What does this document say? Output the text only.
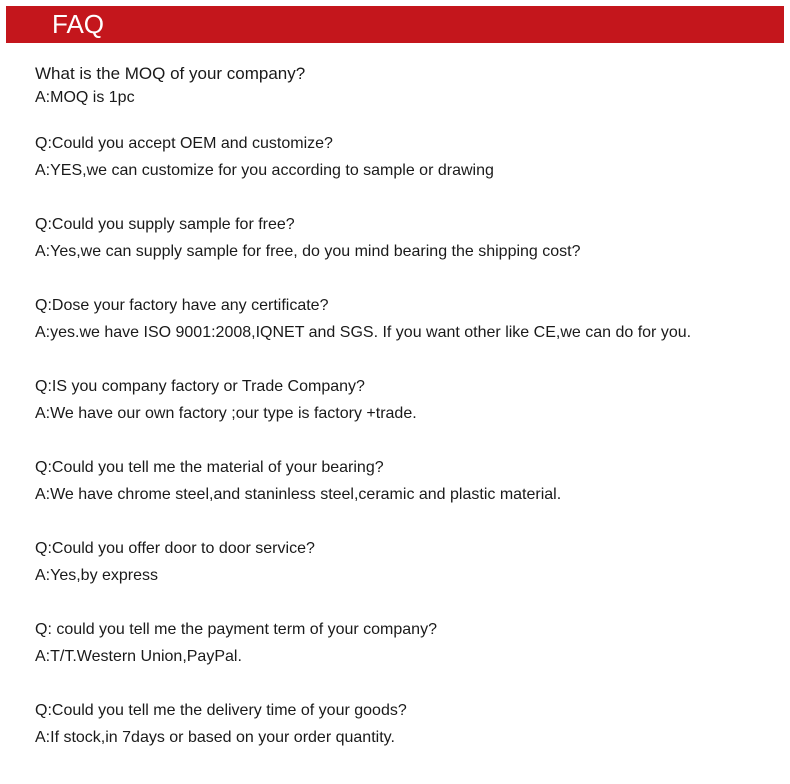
FAQ
What is the MOQ of your company?
A:MOQ is 1pc
Q:Could you accept OEM and customize?
A:YES,we can customize for you according to sample or drawing
Q:Could you supply sample for free?
A:Yes,we can supply sample for free, do you mind bearing the shipping cost?
Q:Dose your factory have any certificate?
A:yes.we have ISO 9001:2008,IQNET and SGS. If you want other like CE,we can do for you.
Q:IS you company factory or Trade Company?
A:We have our own factory ;our type is factory +trade.
Q:Could you tell me the material of your bearing?
A:We have chrome steel,and staninless steel,ceramic and plastic material.
Q:Could you offer door to door service?
A:Yes,by express
Q: could you tell me the payment term of your company?
A:T/T.Western Union,PayPal.
Q:Could you tell me the delivery time of your goods?
A:If stock,in 7days or based on your order quantity.
